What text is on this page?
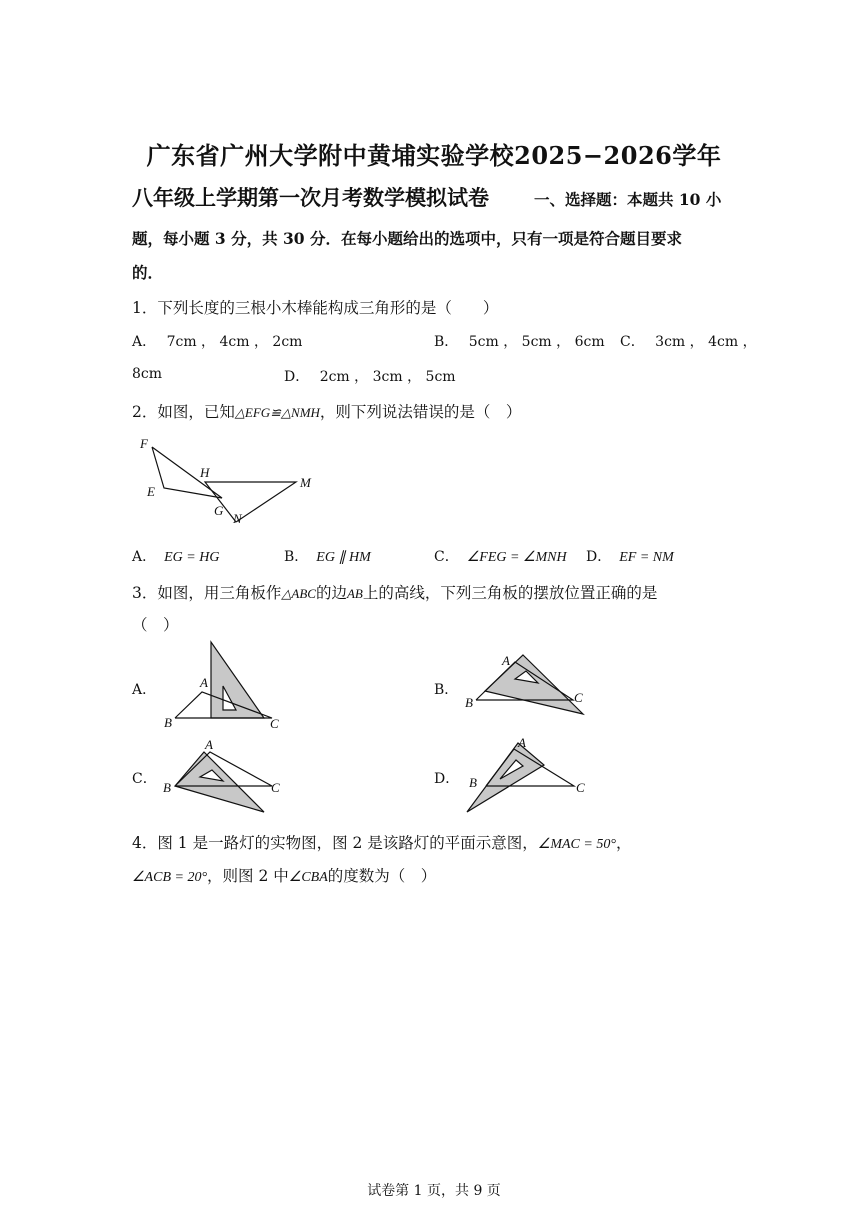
广东省广州大学附中黄埔实验学校2025−2026学年
八年级上学期第一次月考数学模拟试卷	一、选择题：本题共 10 小
题，每小题 3 分，共 30 分．在每小题给出的选项中，只有一项是符合题目要求
的．
1．下列长度的三根小木棒能构成三角形的是（　　）
A． 7cm ， 4cm ， 2cm	B． 5cm ， 5cm ， 6cm C． 3cm ， 4cm ，
8cm	D． 2cm ， 3cm ， 5cm
2．如图，已知△EFG≌△NMH，则下列说法错误的是（　）
F
H
M
E
G
N
A． EG = HG	B． EG ∥ HM	C． ∠FEG = ∠MNH D． EF = NM
3．如图，用三角板作△ABC的边AB上的高线，下列三角板的摆放位置正确的是
（　）
A．	A
B	C
B．
A
B	C
C．
A
B	C
D．
A
B	C
4．图 1 是一路灯的实物图，图 2 是该路灯的平面示意图，∠MAC = 50°，
∠ACB = 20°，则图 2 中∠CBA的度数为（　）
试卷第 1 页，共 9 页
